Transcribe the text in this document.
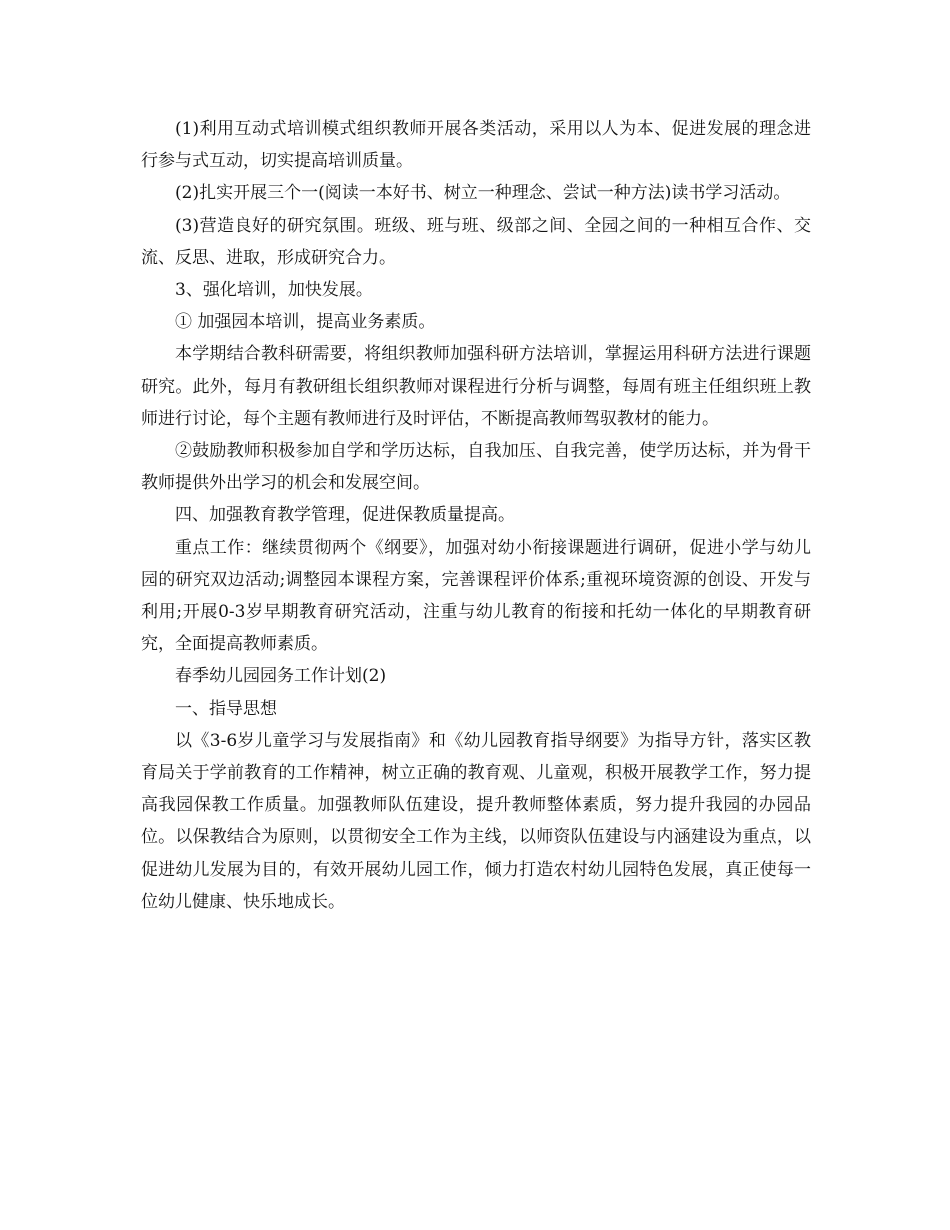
(1)利用互动式培训模式组织教师开展各类活动，采用以人为本、促进发展的理念进行参与式互动，切实提高培训质量。

(2)扎实开展三个一(阅读一本好书、树立一种理念、尝试一种方法)读书学习活动。

(3)营造良好的研究氛围。班级、班与班、级部之间、全园之间的一种相互合作、交流、反思、进取，形成研究合力。

3、强化培训，加快发展。

① 加强园本培训，提高业务素质。

本学期结合教科研需要，将组织教师加强科研方法培训，掌握运用科研方法进行课题研究。此外，每月有教研组长组织教师对课程进行分析与调整，每周有班主任组织班上教师进行讨论，每个主题有教师进行及时评估，不断提高教师驾驭教材的能力。

②鼓励教师积极参加自学和学历达标，自我加压、自我完善，使学历达标，并为骨干教师提供外出学习的机会和发展空间。

四、加强教育教学管理，促进保教质量提高。

重点工作：继续贯彻两个《纲要》，加强对幼小衔接课题进行调研，促进小学与幼儿园的研究双边活动;调整园本课程方案，完善课程评价体系;重视环境资源的创设、开发与利用;开展0-3岁早期教育研究活动，注重与幼儿教育的衔接和托幼一体化的早期教育研究，全面提高教师素质。

春季幼儿园园务工作计划(2)

一、指导思想

以《3-6岁儿童学习与发展指南》和《幼儿园教育指导纲要》为指导方针，落实区教育局关于学前教育的工作精神，树立正确的教育观、儿童观，积极开展教学工作，努力提高我园保教工作质量。加强教师队伍建设，提升教师整体素质，努力提升我园的办园品位。以保教结合为原则，以贯彻安全工作为主线，以师资队伍建设与内涵建设为重点，以促进幼儿发展为目的，有效开展幼儿园工作，倾力打造农村幼儿园特色发展，真正使每一位幼儿健康、快乐地成长。
